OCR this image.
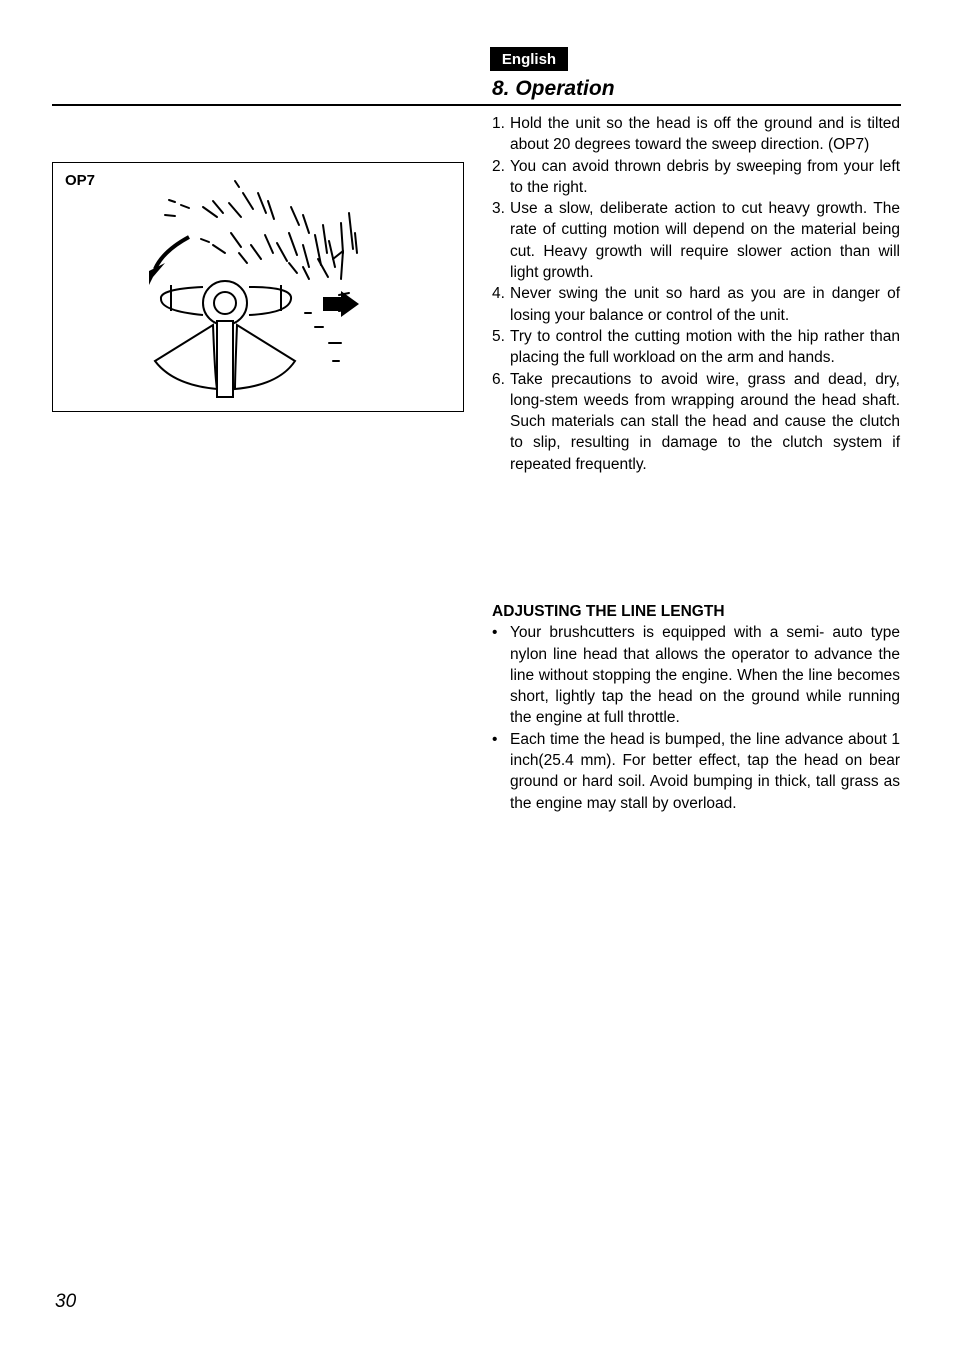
English
8. Operation
OP7
1. Hold the unit so the head is off the ground and is tilted about 20 degrees toward the sweep direction. (OP7)
2. You can avoid thrown debris by sweeping from your left to the right.
3. Use a slow, deliberate action to cut heavy growth. The rate of cutting motion will depend on the material being cut. Heavy growth will require slower action than will light growth.
4. Never swing the unit so hard as you are in danger of losing your balance or control of the unit.
5. Try to control the cutting motion with the hip rather than placing the full workload on the arm and hands.
6. Take precautions to avoid wire, grass and dead, dry, long-stem weeds from wrapping around the head shaft. Such materials can stall the head and cause the clutch to slip, resulting in damage to the clutch system if repeated frequently.
ADJUSTING THE LINE LENGTH
• Your brushcutters is equipped with a semi- auto type nylon line head that allows the operator to advance the line without stopping the engine. When the line becomes short, lightly tap the head on the ground while running the engine at full throttle.
• Each time the head is bumped, the line advance about 1 inch(25.4 mm). For better effect, tap the head on bear ground or hard soil. Avoid bumping in thick, tall grass as the engine may stall by overload.
30
